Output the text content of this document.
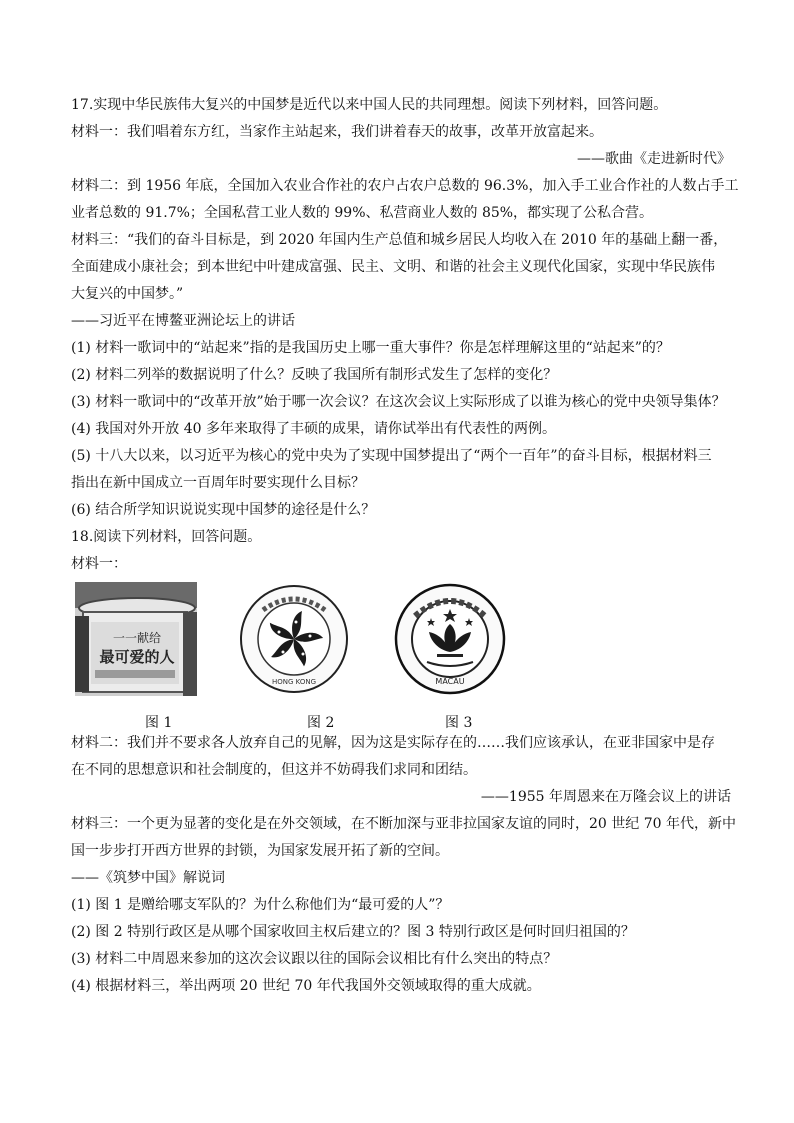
17.实现中华民族伟大复兴的中国梦是近代以来中国人民的共同理想。阅读下列材料，回答问题。
材料一：我们唱着东方红，当家作主站起来，我们讲着春天的故事，改革开放富起来。
——歌曲《走进新时代》
材料二：到 1956 年底，全国加入农业合作社的农户占农户总数的 96.3%，加入手工业合作社的人数占手工
业者总数的 91.7%；全国私营工业人数的 99%、私营商业人数的 85%，都实现了公私合营。
材料三：“我们的奋斗目标是，到 2020 年国内生产总值和城乡居民人均收入在 2010 年的基础上翻一番，
全面建成小康社会；到本世纪中叶建成富强、民主、文明、和谐的社会主义现代化国家，实现中华民族伟
大复兴的中国梦。”
——习近平在博鳌亚洲论坛上的讲话
(1) 材料一歌词中的“站起来”指的是我国历史上哪一重大事件？你是怎样理解这里的“站起来”的？
(2) 材料二列举的数据说明了什么？反映了我国所有制形式发生了怎样的变化？
(3) 材料一歌词中的“改革开放”始于哪一次会议？在这次会议上实际形成了以谁为核心的党中央领导集体？
(4) 我国对外开放 40 多年来取得了丰硕的成果，请你试举出有代表性的两例。
(5) 十八大以来，以习近平为核心的党中央为了实现中国梦提出了“两个一百年”的奋斗目标，根据材料三
指出在新中国成立一百周年时要实现什么目标？
(6) 结合所学知识说说实现中国梦的途径是什么？
18.阅读下列材料，回答问题。
材料一：
一一献给
最可爱的人
HONG KONG	MACAU
图 1	图 2	图 3
材料二：我们并不要求各人放弃自己的见解，因为这是实际存在的……我们应该承认，在亚非国家中是存
在不同的思想意识和社会制度的，但这并不妨碍我们求同和团结。
——1955 年周恩来在万隆会议上的讲话
材料三：一个更为显著的变化是在外交领域，在不断加深与亚非拉国家友谊的同时，20 世纪 70 年代，新中
国一步步打开西方世界的封锁，为国家发展开拓了新的空间。
——《筑梦中国》解说词
(1) 图 1 是赠给哪支军队的？为什么称他们为“最可爱的人”？
(2) 图 2 特别行政区是从哪个国家收回主权后建立的？图 3 特别行政区是何时回归祖国的？
(3) 材料二中周恩来参加的这次会议跟以往的国际会议相比有什么突出的特点？
(4) 根据材料三，举出两项 20 世纪 70 年代我国外交领域取得的重大成就。
